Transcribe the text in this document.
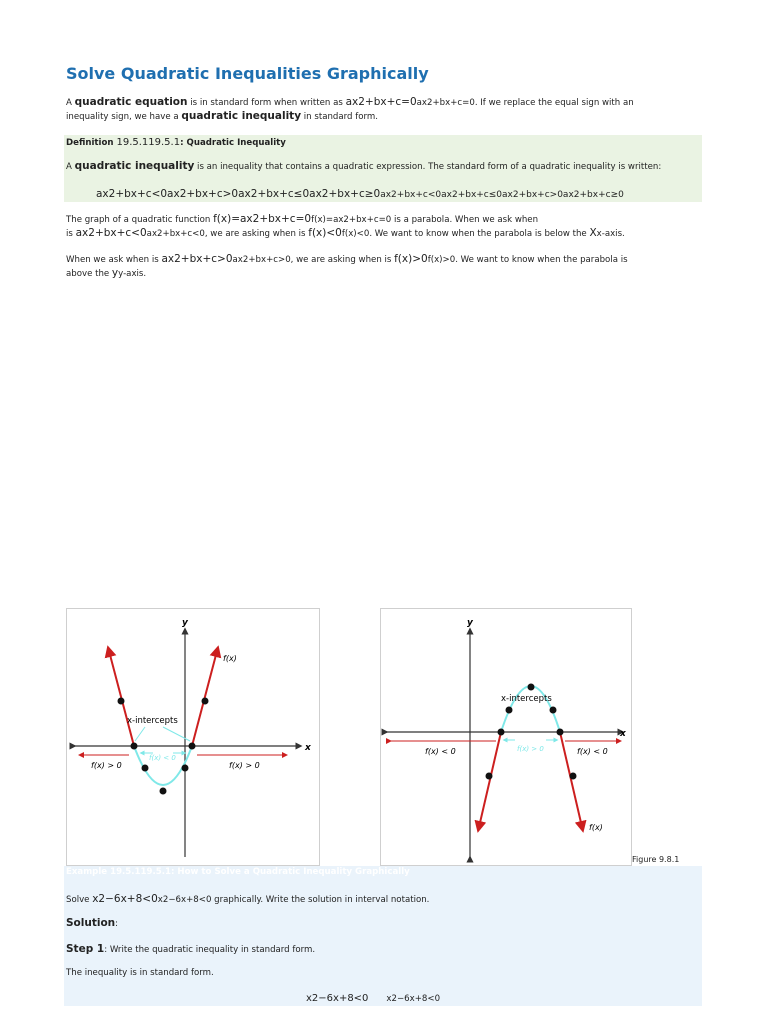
Solve Quadratic Inequalities Graphically
A quadratic equation is in standard form when written as ax2+bx+c=0ax2+bx+c=0. If we replace the equal sign with an
inequality sign, we have a quadratic inequality in standard form.
Definition 19.5.119.5.1: Quadratic Inequality
A quadratic inequality is an inequality that contains a quadratic expression. The standard form of a quadratic inequality is written:
ax2+bx+c<0ax2+bx+c>0ax2+bx+c≤0ax2+bx+c≥0ax2+bx+c<0ax2+bx+c≤0ax2+bx+c>0ax2+bx+c≥0
The graph of a quadratic function f(x)=ax2+bx+c=0f(x)=ax2+bx+c=0 is a parabola. When we ask when
is ax2+bx+c<0ax2+bx+c<0, we are asking when is f(x)<0f(x)<0. We want to know when the parabola is below the Xx-axis.
When we ask when is ax2+bx+c>0ax2+bx+c>0, we are asking when is f(x)>0f(x)>0. We want to know when the parabola is
above the yy-axis.
y
x
f(x)
x-intercepts
f(x) > 0
f(x) < 0
f(x) > 0
y
x
x-intercepts
f(x) < 0	f(x) > 0	f(x) < 0
f(x)
Figure 9.8.1
Example 19.5.119.5.1: How to Solve a Quadratic Inequality Graphically
Solve x2−6x+8<0x2−6x+8<0 graphically. Write the solution in interval notation.
Solution:
Step 1: Write the quadratic inequality in standard form.
The inequality is in standard form.
x2−6x+8<0 x2−6x+8<0
